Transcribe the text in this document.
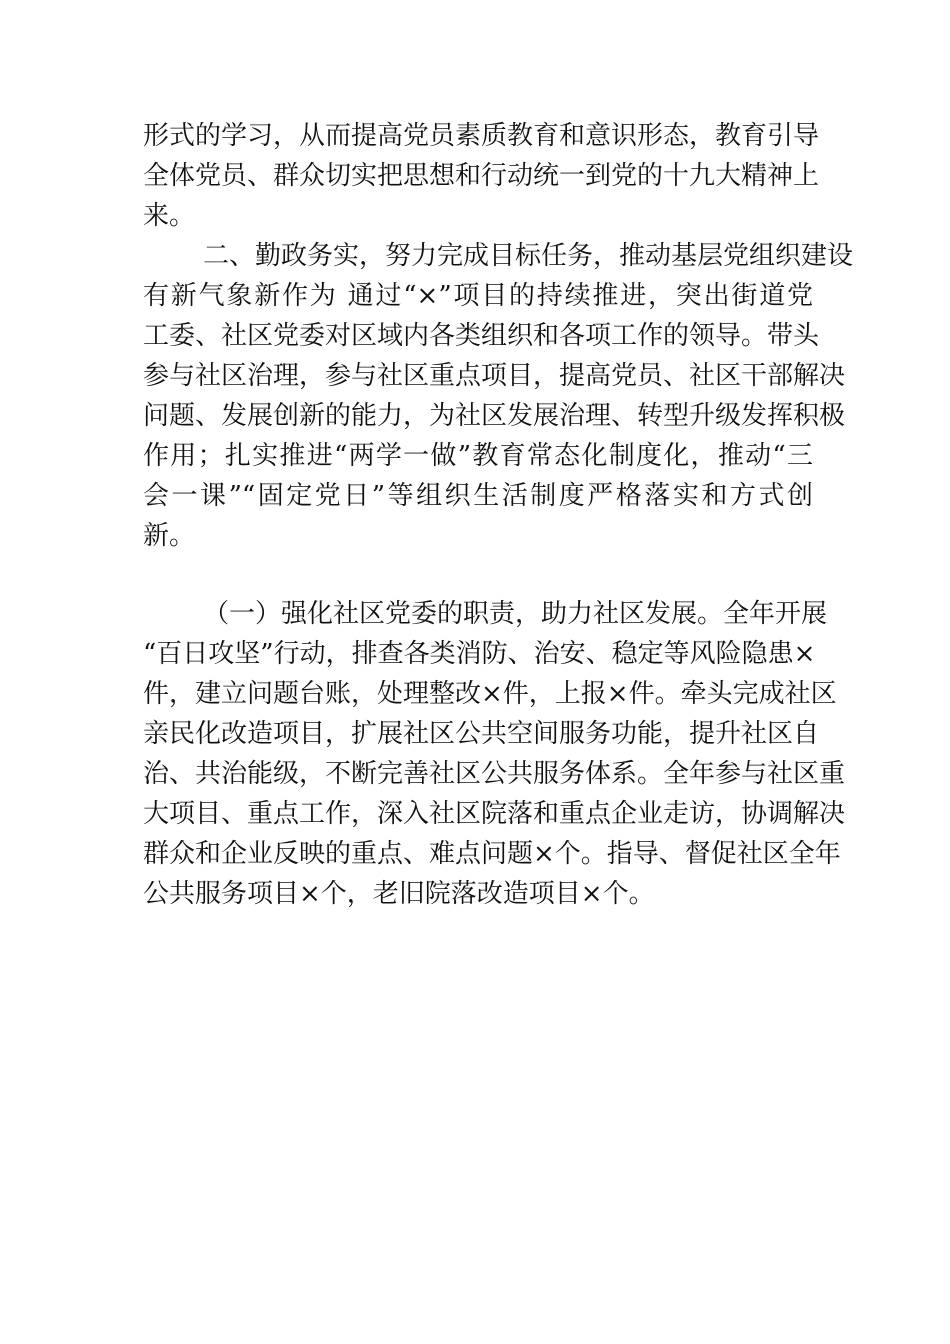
形式的学习，从而提高党员素质教育和意识形态，教育引导
全体党员、群众切实把思想和行动统一到党的十九大精神上
来。
二、勤政务实，努力完成目标任务，推动基层党组织建设
有新气象新作为 通过“×”项目的持续推进，突出街道党
工委、社区党委对区域内各类组织和各项工作的领导。带头
参与社区治理，参与社区重点项目，提高党员、社区干部解决
问题、发展创新的能力，为社区发展治理、转型升级发挥积极
作用；扎实推进“两学一做”教育常态化制度化，推动“三
会一课”“固定党日”等组织生活制度严格落实和方式创
新。
（一）强化社区党委的职责，助力社区发展。全年开展
“百日攻坚”行动，排查各类消防、治安、稳定等风险隐患×
件，建立问题台账，处理整改×件，上报×件。牵头完成社区
亲民化改造项目，扩展社区公共空间服务功能，提升社区自
治、共治能级，不断完善社区公共服务体系。全年参与社区重
大项目、重点工作，深入社区院落和重点企业走访，协调解决
群众和企业反映的重点、难点问题×个。指导、督促社区全年
公共服务项目×个，老旧院落改造项目×个。
